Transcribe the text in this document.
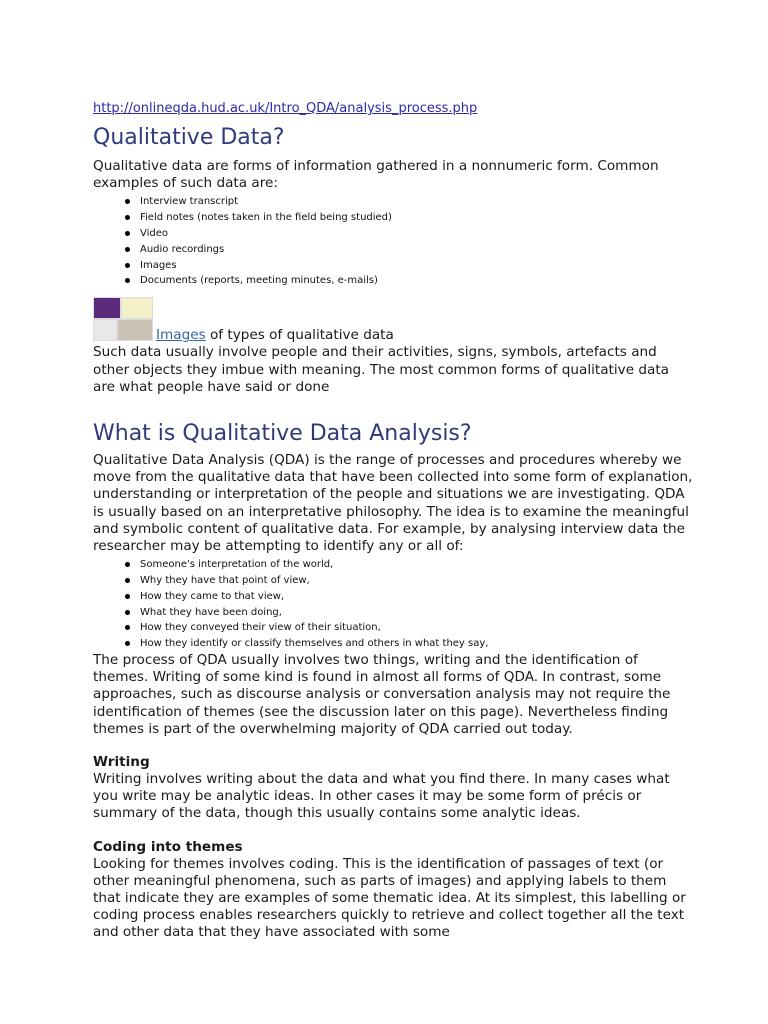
http://onlineqda.hud.ac.uk/Intro_QDA/analysis_process.php
Qualitative Data?

Qualitative data are forms of information gathered in a nonnumeric form. Common examples of such data are:

Interview transcript
Field notes (notes taken in the field being studied)
Video
Audio recordings
Images
Documents (reports, meeting minutes, e-mails)

Images of types of qualitative data

Such data usually involve people and their activities, signs, symbols, artefacts and other objects they imbue with meaning. The most common forms of qualitative data are what people have said or done

What is Qualitative Data Analysis?

Qualitative Data Analysis (QDA) is the range of processes and procedures whereby we move from the qualitative data that have been collected into some form of explanation, understanding or interpretation of the people and situations we are investigating. QDA is usually based on an interpretative philosophy. The idea is to examine the meaningful and symbolic content of qualitative data. For example, by analysing interview data the researcher may be attempting to identify any or all of:

Someone's interpretation of the world,
Why they have that point of view,
How they came to that view,
What they have been doing,
How they conveyed their view of their situation,
How they identify or classify themselves and others in what they say,

The process of QDA usually involves two things, writing and the identification of themes. Writing of some kind is found in almost all forms of QDA. In contrast, some approaches, such as discourse analysis or conversation analysis may not require the identification of themes (see the discussion later on this page). Nevertheless finding themes is part of the overwhelming majority of QDA carried out today.

Writing

Writing involves writing about the data and what you find there. In many cases what you write may be analytic ideas. In other cases it may be some form of précis or summary of the data, though this usually contains some analytic ideas.

Coding into themes

Looking for themes involves coding. This is the identification of passages of text (or other meaningful phenomena, such as parts of images) and applying labels to them that indicate they are examples of some thematic idea. At its simplest, this labelling or coding process enables researchers quickly to retrieve and collect together all the text and other data that they have associated with some
